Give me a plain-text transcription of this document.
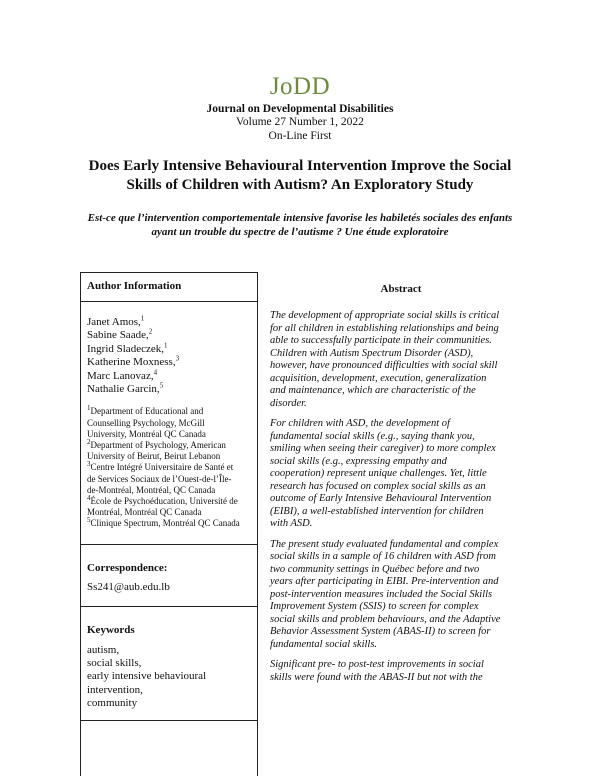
JoDD
Journal on Developmental Disabilities
Volume 27 Number 1, 2022
On-Line First
Does Early Intensive Behavioural Intervention Improve the Social
Skills of Children with Autism? An Exploratory Study
Est-ce que l’intervention comportementale intensive favorise les habiletés sociales des enfants
ayant un trouble du spectre de l’autisme ? Une étude exploratoire
Author Information
Janet Amos,$^1$
Sabine Saade,$^2$
Ingrid Sladeczek,$^1$
Katherine Moxness,$^3$
Marc Lanovaz,$^4$
Nathalie Garcin,$^5$
$^1$Department of Educational and
Counselling Psychology, McGill
University, Montréal QC Canada
$^2$Department of Psychology, American
University of Beirut, Beirut Lebanon
$^3$Centre Intégré Universitaire de Santé et
de Services Sociaux de l’Ouest-de-l’Île-
de-Montréal, Montréal, QC Canada
$^4$École de Psychoéducation, Université de
Montréal, Montréal QC Canada
$^5$Clinique Spectrum, Montréal QC Canada
Correspondence:
Ss241@aub.edu.lb
Keywords
autism,
social skills,
early intensive behavioural
intervention,
community
Abstract
The development of appropriate social skills is critical
for all children in establishing relationships and being
able to successfully participate in their communities.
Children with Autism Spectrum Disorder (ASD),
however, have pronounced difficulties with social skill
acquisition, development, execution, generalization
and maintenance, which are characteristic of the
disorder.
For children with ASD, the development of
fundamental social skills (e.g., saying thank you,
smiling when seeing their caregiver) to more complex
social skills (e.g., expressing empathy and
cooperation) represent unique challenges. Yet, little
research has focused on complex social skills as an
outcome of Early Intensive Behavioural Intervention
(EIBI), a well-established intervention for children
with ASD.
The present study evaluated fundamental and complex
social skills in a sample of 16 children with ASD from
two community settings in Québec before and two
years after participating in EIBI. Pre-intervention and
post-intervention measures included the Social Skills
Improvement System (SSIS) to screen for complex
social skills and problem behaviours, and the Adaptive
Behavior Assessment System (ABAS-II) to screen for
fundamental social skills.
Significant pre- to post-test improvements in social
skills were found with the ABAS-II but not with the
